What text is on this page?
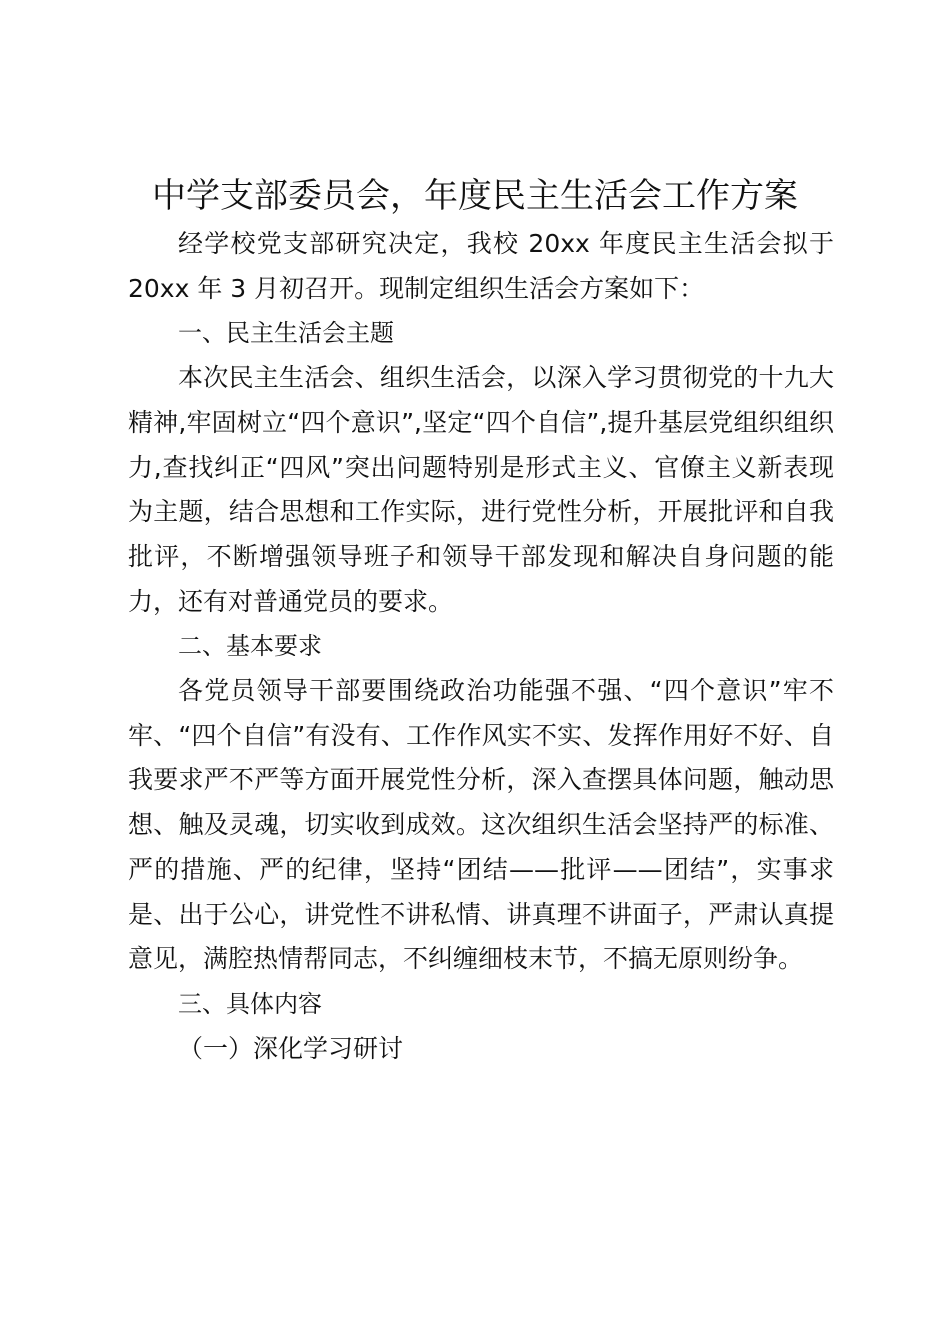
中学支部委员会，年度民主生活会工作方案

经学校党支部研究决定，我校 20xx 年度民主生活会拟于 20xx 年 3 月初召开。现制定组织生活会方案如下：

一、民主生活会主题

本次民主生活会、组织生活会，以深入学习贯彻党的十九大精神,牢固树立“四个意识”,坚定“四个自信”,提升基层党组织组织力,查找纠正“四风”突出问题特别是形式主义、官僚主义新表现为主题，结合思想和工作实际，进行党性分析，开展批评和自我批评，不断增强领导班子和领导干部发现和解决自身问题的能力，还有对普通党员的要求。

二、基本要求

各党员领导干部要围绕政治功能强不强、“四个意识”牢不牢、“四个自信”有没有、工作作风实不实、发挥作用好不好、自我要求严不严等方面开展党性分析，深入查摆具体问题，触动思想、触及灵魂，切实收到成效。这次组织生活会坚持严的标准、严的措施、严的纪律，坚持“团结——批评——团结”，实事求是、出于公心，讲党性不讲私情、讲真理不讲面子，严肃认真提意见，满腔热情帮同志，不纠缠细枝末节，不搞无原则纷争。

三、具体内容

（一）深化学习研讨
